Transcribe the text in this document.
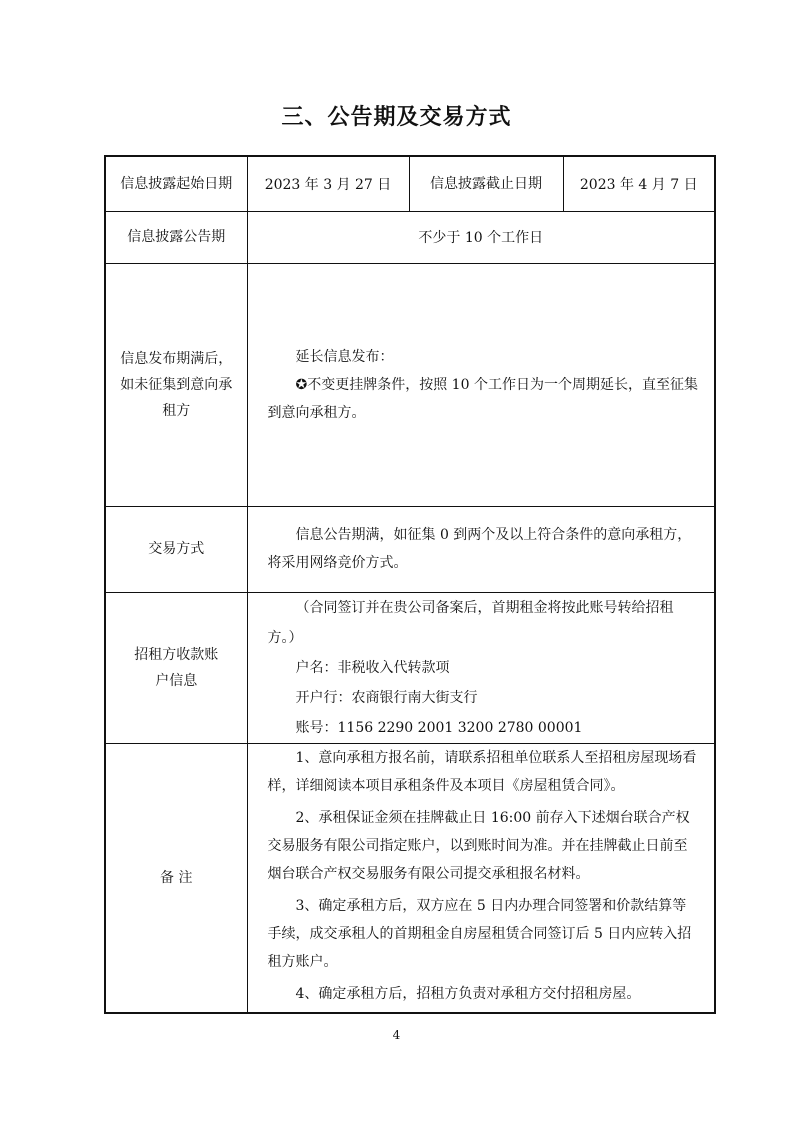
三、公告期及交易方式
信息披露起始日期	2023 年 3 月 27 日	信息披露截止日期	2023 年 4 月 7 日
信息披露公告期	不少于 10 个工作日		
信息发布期满后，如未征集到意向承租方	延长信息发布：

✪不变更挂牌条件，按照 10 个工作日为一个周期延长，直至征集到意向承租方。		

交易方式	信息公告期满，如征集 0 到两个及以上符合条件的意向承租方，将采用网络竞价方式。		

招租方收款账户信息	（合同签订并在贵公司备案后，首期租金将按此账号转给招租方。）

户名：非税收入代转款项

开户行：农商银行南大街支行

账号：1156 2290 2001 3200 2780 00001		

备 注	1、意向承租方报名前，请联系招租单位联系人至招租房屋现场看样，详细阅读本项目承租条件及本项目《房屋租赁合同》。

2、承租保证金须在挂牌截止日 16:00 前存入下述烟台联合产权交易服务有限公司指定账户，以到账时间为准。并在挂牌截止日前至烟台联合产权交易服务有限公司提交承租报名材料。

3、确定承租方后，双方应在 5 日内办理合同签署和价款结算等手续，成交承租人的首期租金自房屋租赁合同签订后 5 日内应转入招租方账户。

4、确定承租方后，招租方负责对承租方交付招租房屋。		

4
